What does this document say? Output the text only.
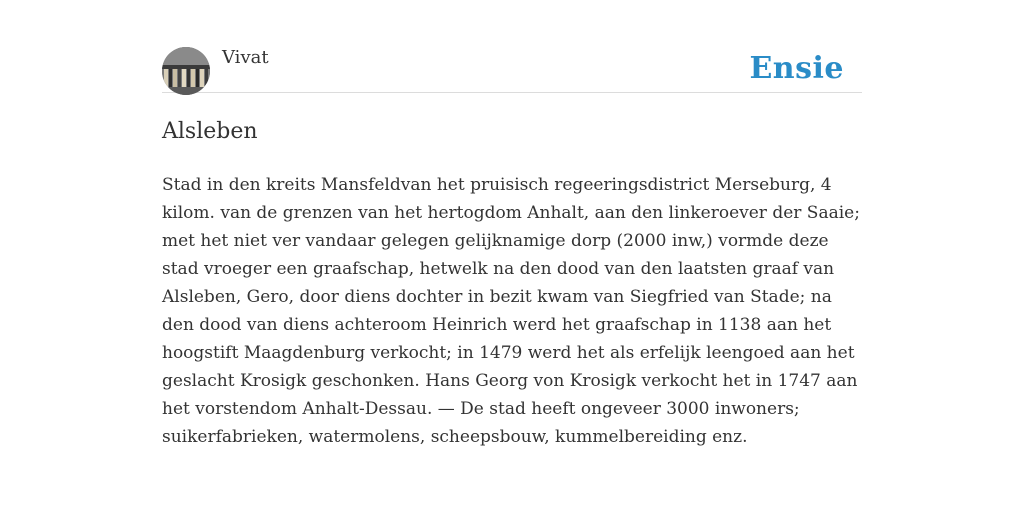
Vivat	Ensie
Alsleben

Stad in den kreits Mansfeldvan het pruisisch regeeringsdistrict Merseburg, 4 kilom. van de grenzen van het hertogdom Anhalt, aan den linkeroever der Saaie; met het niet ver vandaar gelegen gelijknamige dorp (2000 inw,) vormde deze stad vroeger een graafschap, hetwelk na den dood van den laatsten graaf van Alsleben, Gero, door diens dochter in bezit kwam van Siegfried van Stade; na den dood van diens achteroom Heinrich werd het graafschap in 1138 aan het hoogstift Maagdenburg verkocht; in 1479 werd het als erfelijk leengoed aan het geslacht Krosigk geschonken. Hans Georg von Krosigk verkocht het in 1747 aan het vorstendom Anhalt-Dessau. — De stad heeft ongeveer 3000 inwoners; suikerfabrieken, watermolens, scheepsbouw, kummelbereiding enz.
